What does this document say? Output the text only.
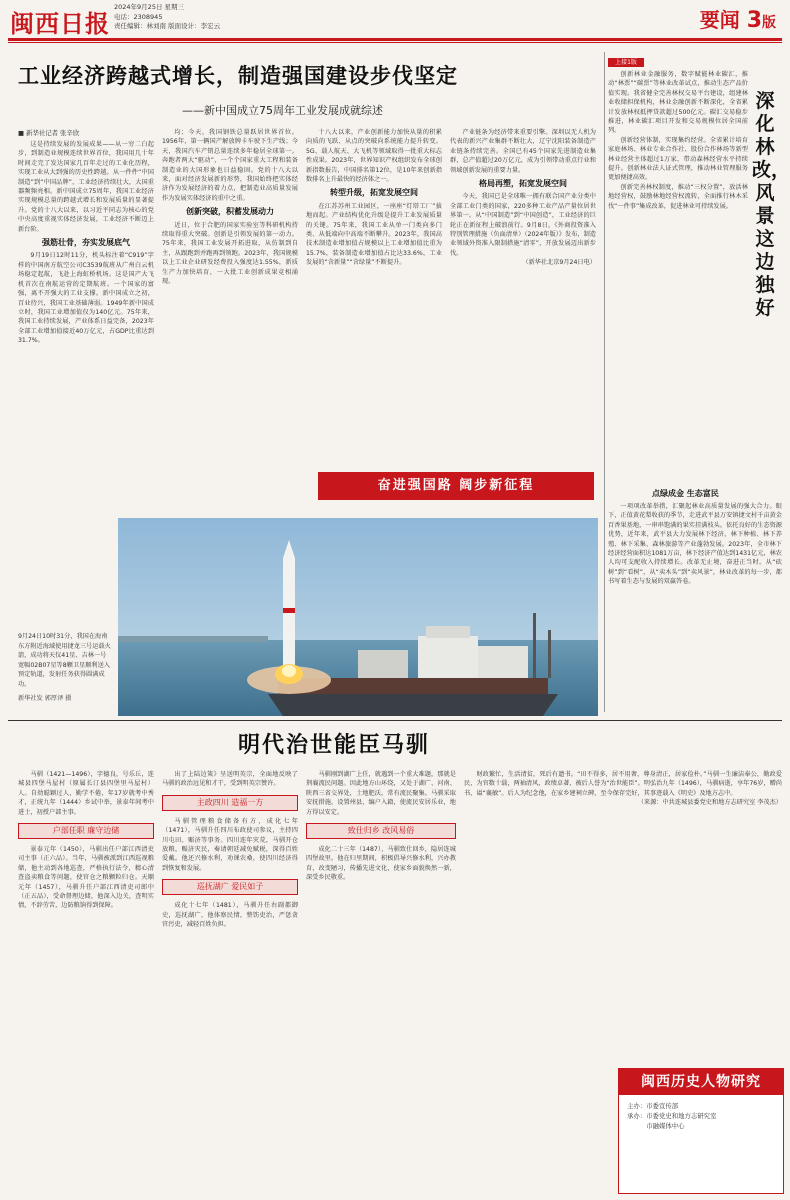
闽西日报
2024年9月25日 星期三
电话：2308945
责任编辑：林刘南 版面设计：李宏云	要闻 3版
工业经济跨越式增长，制造强国建设步伐坚定
——新中国成立75周年工业发展成就综述
■ 新华社记者 张辛欣

这是持续发展的发展成果——从一穷二白起步，到制造业规模连续世界首位，我国用几十年时间走完了发达国家几百年走过的工业化历程，实现工业从大到强的历史性跨越。从一件件“中国制造”到“中国品牌”，工业经济持续壮大，大国重器频频亮相。新中国成立75周年，我国工业经济实现规模总量的跨越式增长和发展质量的显著提升。党的十八大以来，以习近平同志为核心的党中央高度重视实体经济发展，工业经济不断迈上新台阶。

强筋壮骨，夯实发展底气

9月19日12时11分，机头标注着“C919”字样的中国南方航空公司C3539航班从广州白云机场稳定起航，飞赴上海虹桥机场。这是国产大飞机首次在南航运营的定期航班。一个国家的富强，离不开强大的工业支撑。新中国成立之初，百业待兴，我国工业基础薄弱。1949年新中国成立时，我国工业增加值仅为140亿元。75年来，我国工业持续发展，产业体系日益完备，2023年全部工业增加值接近40万亿元，占GDP比重达到31.7%。

均；今天，我国钢铁总量跃居世界首位。1956年，第一辆国产解放牌卡车驶下生产线；今天，我国汽车产销总量连续多年稳居全球第一。奔跑者两大“驱动”，一个个国家重大工程和装备制造业的大国形象也日益稳固。党的十八大以来，面对经济发展新的形势，我国始终把实体经济作为发展经济的着力点，把制造业高质量发展作为发展实体经济的重中之重。

创新突破，积蓄发展动力

近日，位于合肥的国家实验室等科研机构持续取得重大突破。创新是引领发展的第一动力。75年来，我国工业发展开拓进取，从仿制到自主，从跟跑到并跑再到领跑。2023年，我国规模以上工业企业研发经费投入强度达1.55%，新质生产力加快培育，一大批工业创新成果竞相涌现。

十八大以来，产业创新能力加快从量的积累向质的飞跃、从点的突破向系统能力提升转变。5G、载人航天、大飞机等领域取得一批重大标志性成果。2023年，世界知识产权组织发布全球创新指数报告，中国排名第12位，是10年来创新指数排名上升最快的经济体之一。

转型升级，拓宽发展空间

在江苏苏州工业园区，一座座“灯塔工厂”拔地而起。产业结构优化升级是提升工业发展质量的关键。75年来，我国工业从单一门类向多门类、从低端向中高端不断攀升。2023年，我国高技术制造业增加值占规模以上工业增加值比重为15.7%，装备制造业增加值占比达33.6%，工业发展的“含新量”“含绿量”不断提升。

产业链条为经济带来重要引擎。深圳以无人机为代表的新兴产业集群不断壮大，辽宁沈阳装备制造产业链条持续完善。全国已有45个国家先进制造业集群，总产值超过20万亿元，成为引领带动重点行业和领域创新发展的重要力量。

格局再塑，拓宽发展空间

今天，我国已是全球唯一拥有联合国产业分类中全部工业门类的国家，220多种工业产品产量位居世界第一。从“中国制造”到“中国创造”，工业经济的巨轮正在新征程上破浪前行。9月8日，《外商投资准入特别管理措施（负面清单）（2024年版）》发布，制造业领域外资准入限制措施“清零”，开放发展迈出新步伐。

（新华社北京9月24日电）
奋进强国路 阔步新征程
9月24日10时31分，我国在海南东方附近海域使用捷龙三号运载火箭，成功将天仪41星、吉林一号宽幅02B07星等8颗卫星顺利送入预定轨道，发射任务获得圆满成功。
新华社发 郭厚泽 摄
上接1版
深化林改，风景这边独好

创新林业金融服务，数字赋能林业碳汇，推动“林票”“碳票”等林业改革试点，推动生态产品价值实现。我省健全完善林权交易平台建设，组建林业收储担保机构，林业金融创新不断深化，全省累计发放林权抵押贷款超过500亿元。碳汇交易稳步推进，林业碳汇项目开发和交易规模位居全国前列。

创新经营体制，实现集约经营。全省累计培育家庭林场、林业专业合作社、股份合作林场等新型林业经营主体超过1万家，带动森林经营水平持续提升。创新林业法人证式管理，推动林业管理服务更加便捷高效。

创新完善林权制度，推动“三权分置”，放活林地经营权，鼓励林地经营权流转，全面推行林木采伐“一件事”集成改革，促进林业可持续发展。

点绿成金 生态富民

一项项改革举措，汇聚起林业高质量发展的强大合力。眼下，正值黄花梨收获的季节，走进武平县万安镇捷文村千亩黄金百香果基地，一串串饱满的果实挂满枝头。依托良好的生态资源优势，近年来，武平县大力发展林下经济，林下种植、林下养殖、林下采集、森林旅游等产业蓬勃发展。2023年，全市林下经济经营面积达1081万亩，林下经济产值达到1431亿元，林农人均可支配收入持续增长。改革无止境，奋进正当时。从“砍树”到“看树”，从“卖木头”到“卖风景”，林业改革的每一步，都书写着生态与发展的双赢答卷。

明代治世能臣马驯

马驯（1421—1496），字德良，号乐丘，连城县四堡马屋村（原属长汀县四堡里马屋村）人。自幼聪颖过人，勤学不倦，年17岁就考中秀才，正统九年（1444）乡试中举，景泰年间考中进士，初授户部主事。

户部任职 廉守边储

景泰元年（1450），马驯出任户部江西清吏司主事（正六品）。当年，马驯被派到江西巡视粮储，他主动到各地巡查，严格执行法令，精心清查盗卖粮食等问题，使官仓之粮颗粒归仓。天顺元年（1457），马驯升任户部江西清吏司郎中（正五品），受命督理边储，他深入边关，查明实情，不辞劳苦，边防粮饷得到保障。

出了上陆边策》呈送明英宗，全面地反映了马驯的政治远见和才干，受到明英宗赞许。

主政四川 造福一方

马驯管理粮食储备有方，成化七年（1471），马驯升任四川布政使司参议，主持四川屯田、赈济等事务。四川连年灾荒，马驯开仓放粮，赈济灾民，奏请朝廷减免赋税，深得百姓爱戴。他还兴修水利，劝课农桑，使四川经济得到恢复和发展。

巡抚湖广 爱民如子

成化十七年（1481），马驯升任右副都御史，巡抚湖广，他体察民情，整饬吏治，严惩贪官污吏，减轻百姓负担。

马驯刚到湖广上任，就遇到一个重大难题，那就是荆襄流民问题。因此地方山环绕，又处于湖广、河南、陕西三省交界处，土地肥沃，常有流民聚集。马驯采取安抚措施，设置州县，编户入籍，使流民安居乐业，地方得以安定。

致仕归乡 改风易俗

成化二十三年（1487），马驯致仕回乡，隐居连城四堡故里。他在归里期间，积极倡导兴修水利，兴办教育，改变陋习，传播先进文化，使家乡面貌焕然一新，深受乡民敬重。

财政繁忙，生活清贫，死后有遗书。“田不得多，居不用奢，尊身清正，居家俭朴。”马驯一生廉洁奉公，勤政爱民，为官数十载，两袖清风，政绩卓著，被后人誉为“治世能臣”。明弘治九年（1496），马驯病逝，享年76岁，赠尚书，谥“襄敏”。后人为纪念他，在家乡建祠立碑，至今保存完好，其事迹载入《明史》及地方志中。

（来源：中共连城县委党史和地方志研究室 李茂杰）
闽西历史人物研究
主办：市委宣传部
承办：市委党史和地方志研究室
市融媒体中心
